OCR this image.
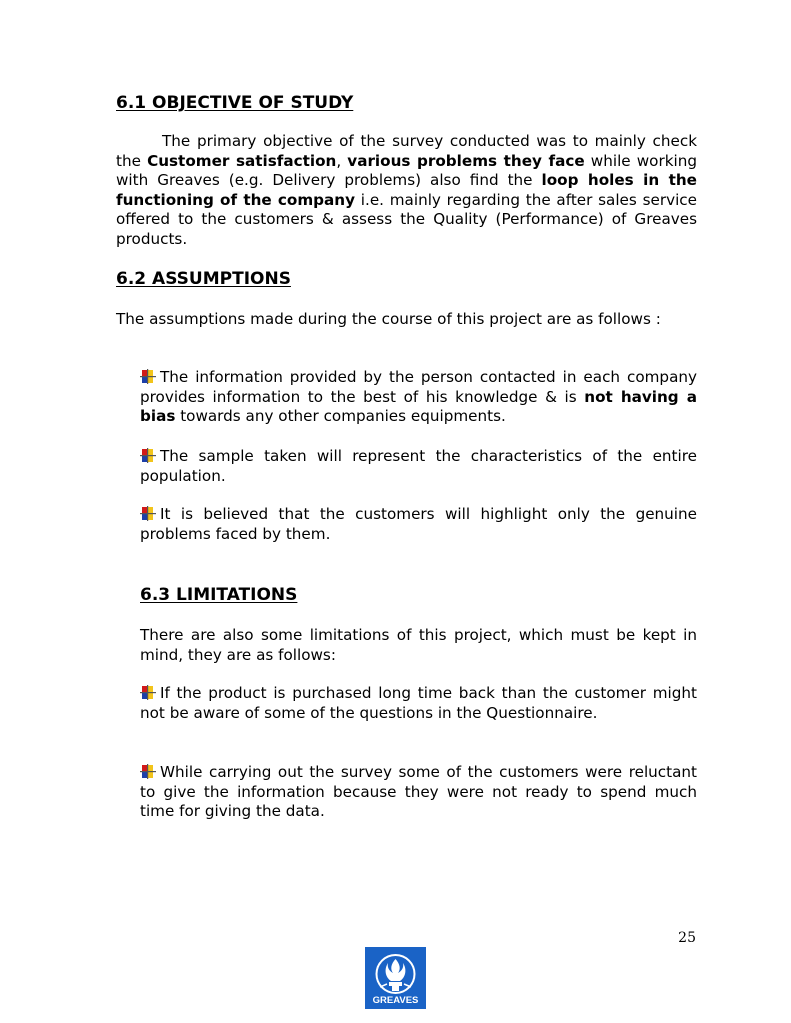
6.1 OBJECTIVE OF STUDY

The primary objective of the survey conducted was to mainly check the Customer satisfaction, various problems they face while working with Greaves (e.g. Delivery problems) also find the loop holes in the functioning of the company i.e. mainly regarding the after sales service offered to the customers & assess the Quality (Performance) of Greaves products.

6.2 ASSUMPTIONS

The assumptions made during the course of this project are as follows :

The information provided by the person contacted in each company provides information to the best of his knowledge & is not having a bias towards any other companies equipments.

The sample taken will represent the characteristics of the entire population.

It is believed that the customers will highlight only the genuine problems faced by them.

6.3 LIMITATIONS

There are also some limitations of this project, which must be kept in mind, they are as follows:

If the product is purchased long time back than the customer might not be aware of some of the questions in the Questionnaire.

While carrying out the survey some of the customers were reluctant to give the information because they were not ready to spend much time for giving the data.

25
GREAVES
